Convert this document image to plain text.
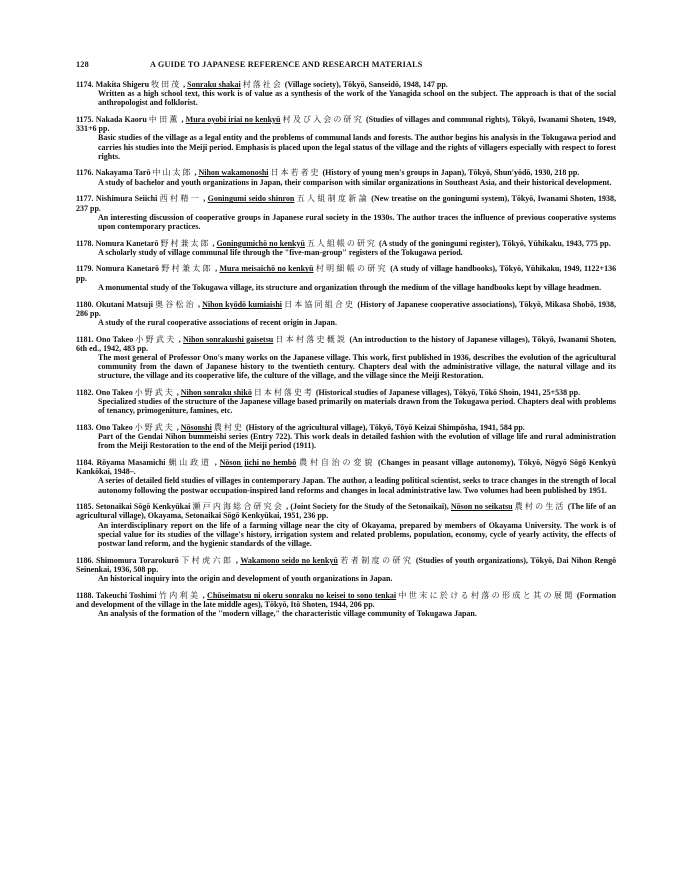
128	A GUIDE TO JAPANESE REFERENCE AND RESEARCH MATERIALS
1174. Makita Shigeru 牧田茂 , Sonraku shakai 村落社会 (Village society), Tōkyō, Sanseidō, 1948, 147 pp.
Written as a high school text, this work is of value as a synthesis of the work of the Yanagida school on the subject. The approach is that of the social anthropologist and folklorist.
1175. Nakada Kaoru 中田薫 , Mura oyobi iriai no kenkyū 村及び入会の研究 (Studies of villages and communal rights), Tōkyō, Iwanami Shoten, 1949, 331+6 pp.
Basic studies of the village as a legal entity and the problems of communal lands and forests. The author begins his analysis in the Tokugawa period and carries his studies into the Meiji period. Emphasis is placed upon the legal status of the village and the rights of villagers especially with respect to forest rights.
1176. Nakayama Tarō 中山太郎 , Nihon wakamonoshi 日本若者史 (History of young men's groups in Japan), Tōkyō, Shun'yōdō, 1930, 218 pp.
A study of bachelor and youth organizations in Japan, their comparison with similar organizations in Southeast Asia, and their historical development.
1177. Nishimura Seiichi 西村精一 , Goningumi seido shinron 五人組制度新論 (New treatise on the goningumi system), Tōkyō, Iwanami Shoten, 1938, 237 pp.
An interesting discussion of cooperative groups in Japanese rural society in the 1930s. The author traces the influence of previous cooperative systems upon contemporary practices.
1178. Nomura Kanetarō 野村兼太郎 , Goningumichō no kenkyū 五人組帳の研究 (A study of the goningumi register), Tōkyō, Yūhikaku, 1943, 775 pp.
A scholarly study of village communal life through the "five-man-group" registers of the Tokugawa period.
1179. Nomura Kanetarō 野村兼太郎 , Mura meisaichō no kenkyū 村明細帳の研究 (A study of village handbooks), Tōkyō, Yūhikaku, 1949, 1122+136 pp.
A monumental study of the Tokugawa village, its structure and organization through the medium of the village handbooks kept by village headmen.
1180. Okutani Matsuji 奥谷松治 , Nihon kyōdō kumiaishi 日本協同組合史 (History of Japanese cooperative associations), Tōkyō, Mikasa Shobō, 1938, 286 pp.
A study of the rural cooperative associations of recent origin in Japan.
1181. Ono Takeo 小野武夫 , Nihon sonrakushi gaisetsu 日本村落史概説 (An introduction to the history of Japanese villages), Tōkyō, Iwanami Shoten, 6th ed., 1942, 483 pp.
The most general of Professor Ono's many works on the Japanese village. This work, first published in 1936, describes the evolution of the agricultural community from the dawn of Japanese history to the twentieth century. Chapters deal with the administrative village, the natural village and its structure, the village and its cooperative life, the culture of the village, and the village since the Meiji Restoration.
1182. Ono Takeo 小野武夫 , Nihon sonraku shikō 日本村落史考 (Historical studies of Japanese villages), Tōkyō, Tōkō Shoin, 1941, 25+538 pp.
Specialized studies of the structure of the Japanese village based primarily on materials drawn from the Tokugawa period. Chapters deal with problems of tenancy, primogeniture, famines, etc.
1183. Ono Takeo 小野武夫 , Nōsonshi 農村史 (History of the agricultural village), Tōkyō, Tōyō Keizai Shimpōsha, 1941, 584 pp.
Part of the Gendai Nihon bummeishi series (Entry 722). This work deals in detailed fashion with the evolution of village life and rural administration from the Meiji Restoration to the end of the Meiji period (1911).
1184. Rōyama Masamichi 蝋山政道 , Nōson jichi no hembō 農村自治の変貌 (Changes in peasant village autonomy), Tōkyō, Nōgyō Sōgō Kenkyū Kankōkai, 1948–.
A series of detailed field studies of villages in contemporary Japan. The author, a leading political scientist, seeks to trace changes in the strength of local autonomy following the postwar occupation-inspired land reforms and changes in local administrative law. Two volumes had been published by 1951.
1185. Setonaikai Sōgō Kenkyūkai 瀬戸内海総合研究会 , (Joint Society for the Study of the Setonaikai), Nōson no seikatsu 農村の生活 (The life of an agricultural village), Okayama, Setonaikai Sōgō Kenkyūkai, 1951, 236 pp.
An interdisciplinary report on the life of a farming village near the city of Okayama, prepared by members of Okayama University. The work is of special value for its studies of the village's history, irrigation system and related problems, population, economy, cycle of yearly activity, the effects of postwar land reform, and the hygienic standards of the village.
1186. Shimomura Torarokurō 下村虎六郎 , Wakamono seido no kenkyū 若者制度の研究 (Studies of youth organizations), Tōkyō, Dai Nihon Rengō Seinenkai, 1936, 508 pp.
An historical inquiry into the origin and development of youth organizations in Japan.
1188. Takeuchi Toshimi 竹内利美 , Chūseimatsu ni okeru sonraku no keisei to sono tenkai 中世末に於ける村落の形成と其の展開 (Formation and development of the village in the late middle ages), Tōkyō, Itō Shoten, 1944, 206 pp.
An analysis of the formation of the "modern village," the characteristic village community of Tokugawa Japan.
